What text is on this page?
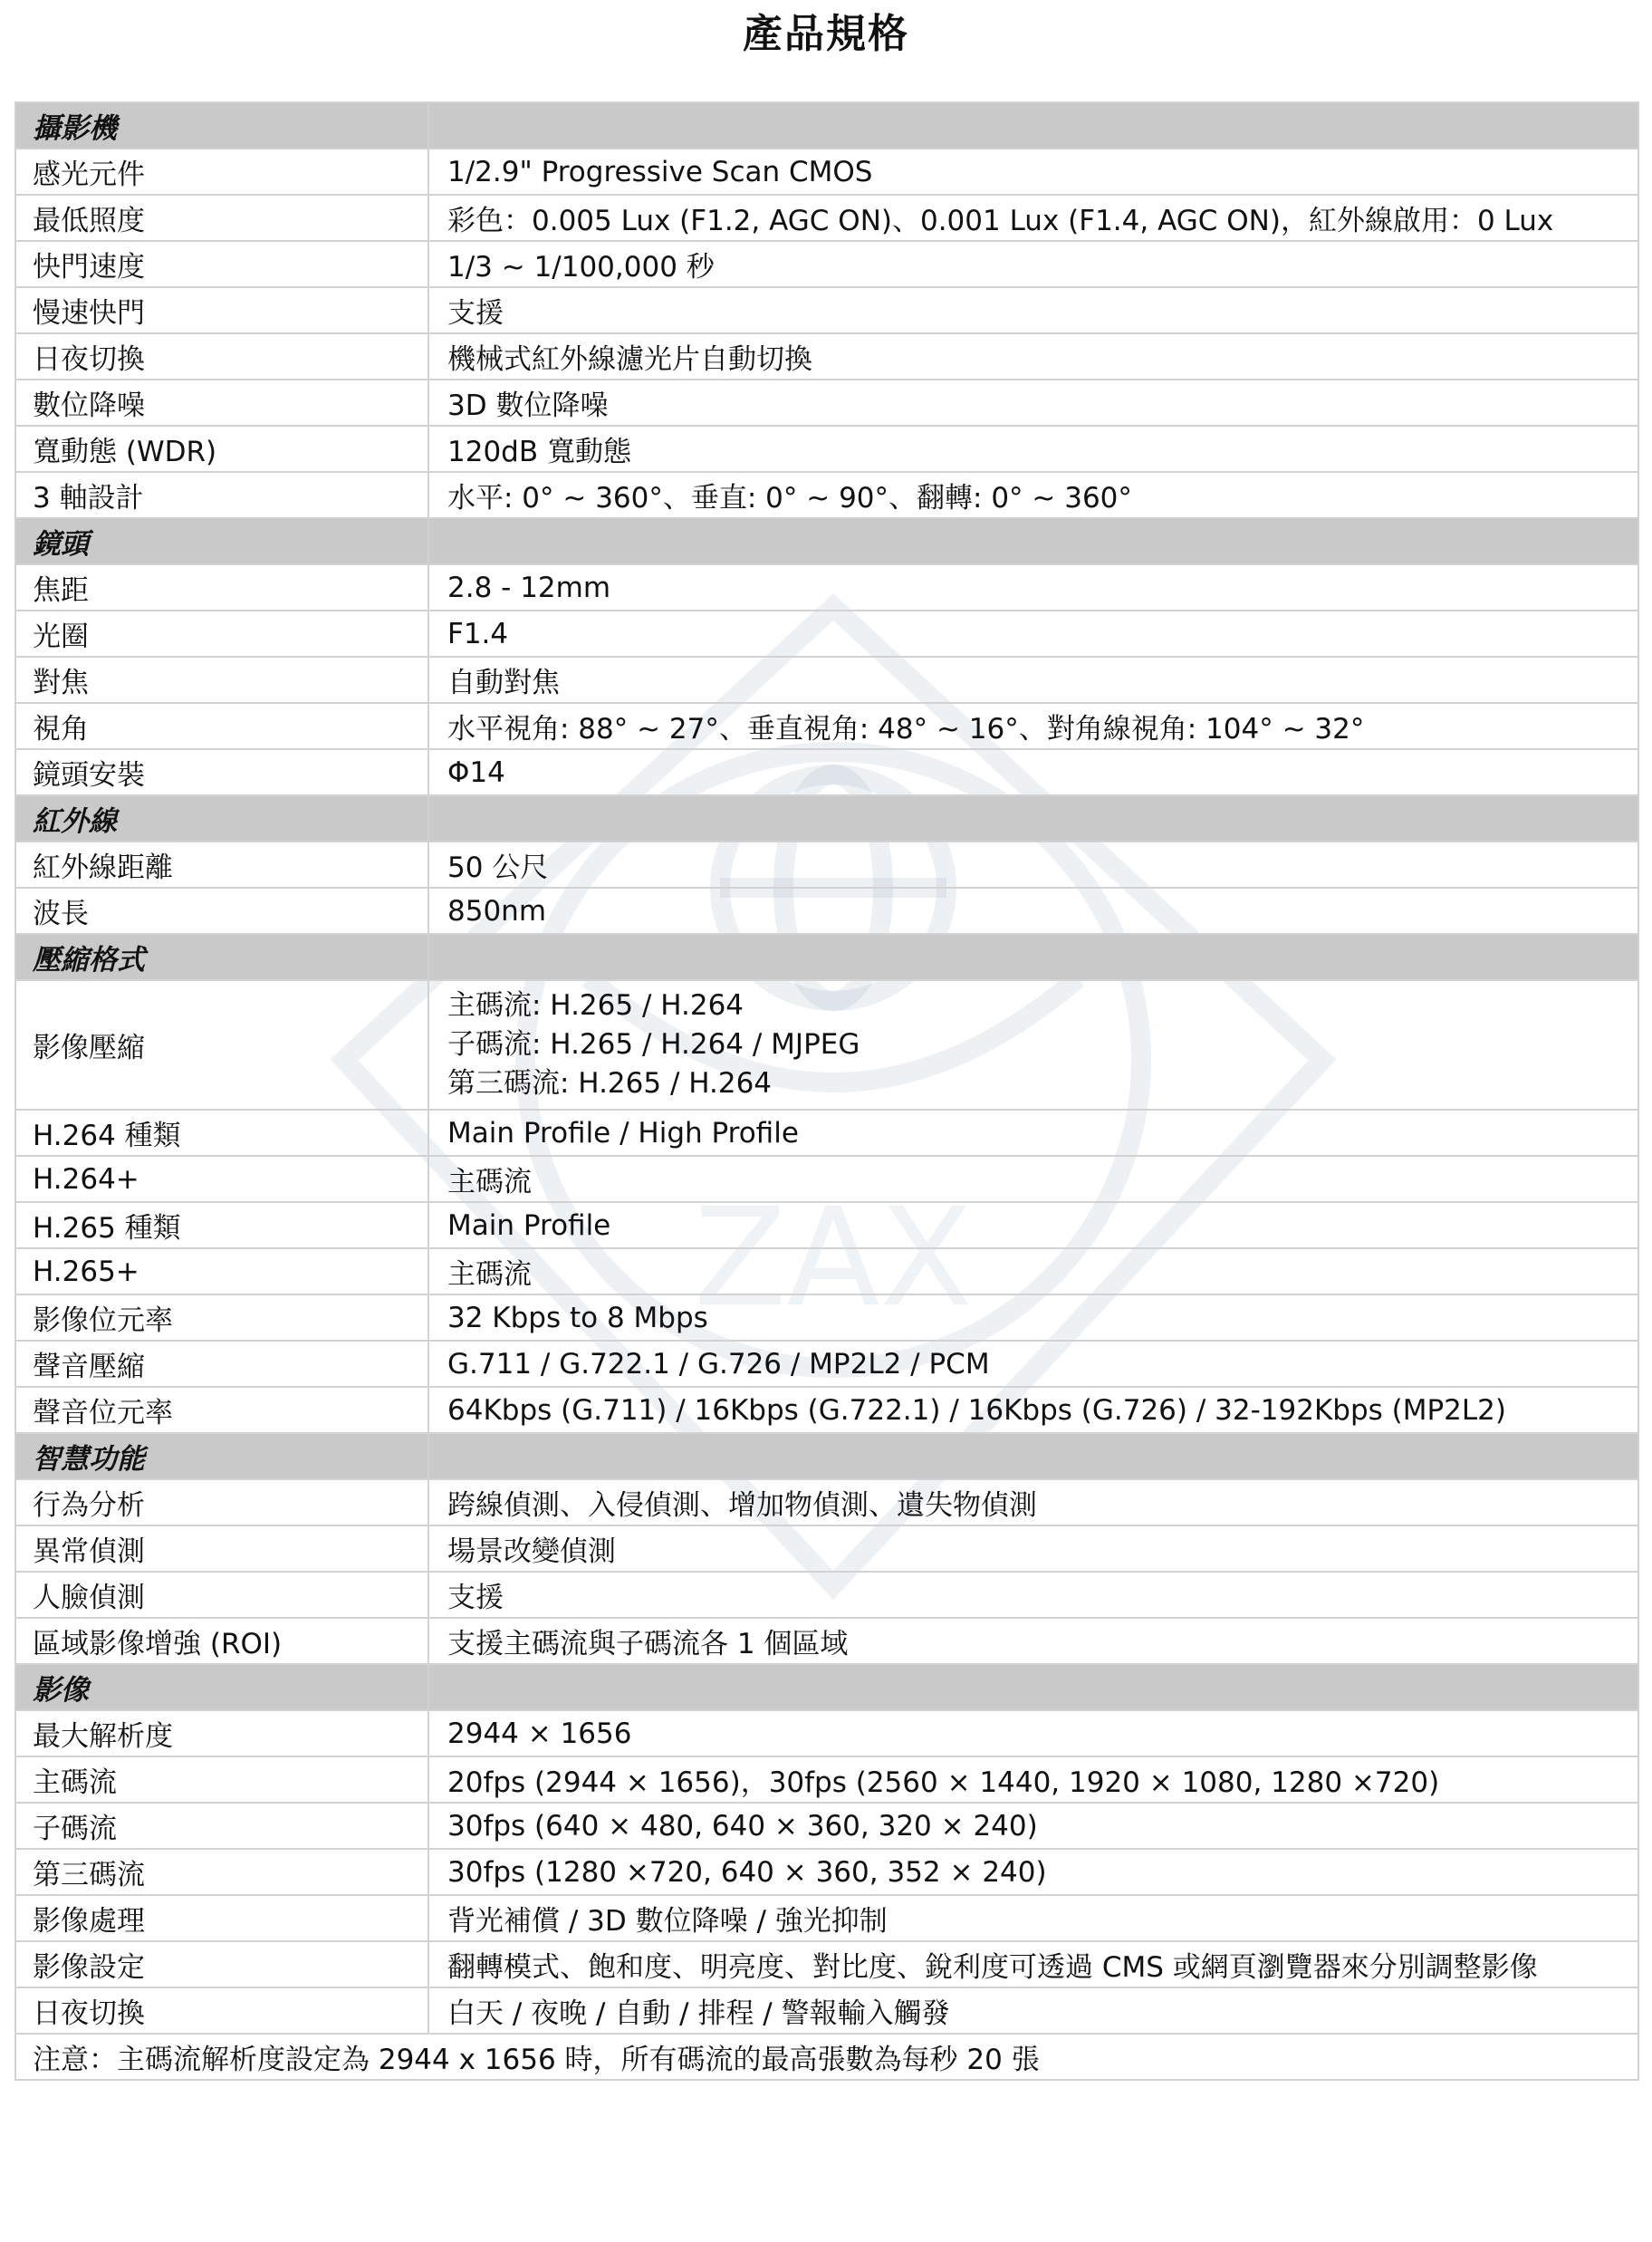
產品規格
ZAX
攝影機	
感光元件	1/2.9" Progressive Scan CMOS

最低照度	彩色：0.005 Lux (F1.2, AGC ON)、0.001 Lux (F1.4, AGC ON)，紅外線啟用：0 Lux

快門速度	1/3 ~ 1/100,000 秒

慢速快門	支援

日夜切換	機械式紅外線濾光片自動切換

數位降噪	3D 數位降噪

寬動態 (WDR)	120dB 寬動態

3 軸設計	水平: 0° ~ 360°、垂直: 0° ~ 90°、翻轉: 0° ~ 360°

鏡頭	
焦距	2.8 - 12mm

光圈	F1.4

對焦	自動對焦

視角	水平視角: 88° ~ 27°、垂直視角: 48° ~ 16°、對角線視角: 104° ~ 32°

鏡頭安裝	Φ14

紅外線	
紅外線距離	50 公尺

波長	850nm

壓縮格式	
影像壓縮	主碼流: H.265 / H.264
子碼流: H.265 / H.264 / MJPEG
第三碼流: H.265 / H.264

H.264 種類	Main Profile / High Profile

H.264+	主碼流

H.265 種類	Main Profile

H.265+	主碼流

影像位元率	32 Kbps to 8 Mbps

聲音壓縮	G.711 / G.722.1 / G.726 / MP2L2 / PCM

聲音位元率	64Kbps (G.711) / 16Kbps (G.722.1) / 16Kbps (G.726) / 32-192Kbps (MP2L2)

智慧功能	
行為分析	跨線偵測、入侵偵測、增加物偵測、遺失物偵測

異常偵測	場景改變偵測

人臉偵測	支援

區域影像增強 (ROI)	支援主碼流與子碼流各 1 個區域

影像	
最大解析度	2944 × 1656

主碼流	20fps (2944 × 1656)，30fps (2560 × 1440, 1920 × 1080, 1280 ×720)

子碼流	30fps (640 × 480, 640 × 360, 320 × 240)

第三碼流	30fps (1280 ×720, 640 × 360, 352 × 240)

影像處理	背光補償 / 3D 數位降噪 / 強光抑制

影像設定	翻轉模式、飽和度、明亮度、對比度、銳利度可透過 CMS 或網頁瀏覽器來分別調整影像

日夜切換	白天 / 夜晚 / 自動 / 排程 / 警報輸入觸發

注意：主碼流解析度設定為 2944 x 1656 時，所有碼流的最高張數為每秒 20 張	
